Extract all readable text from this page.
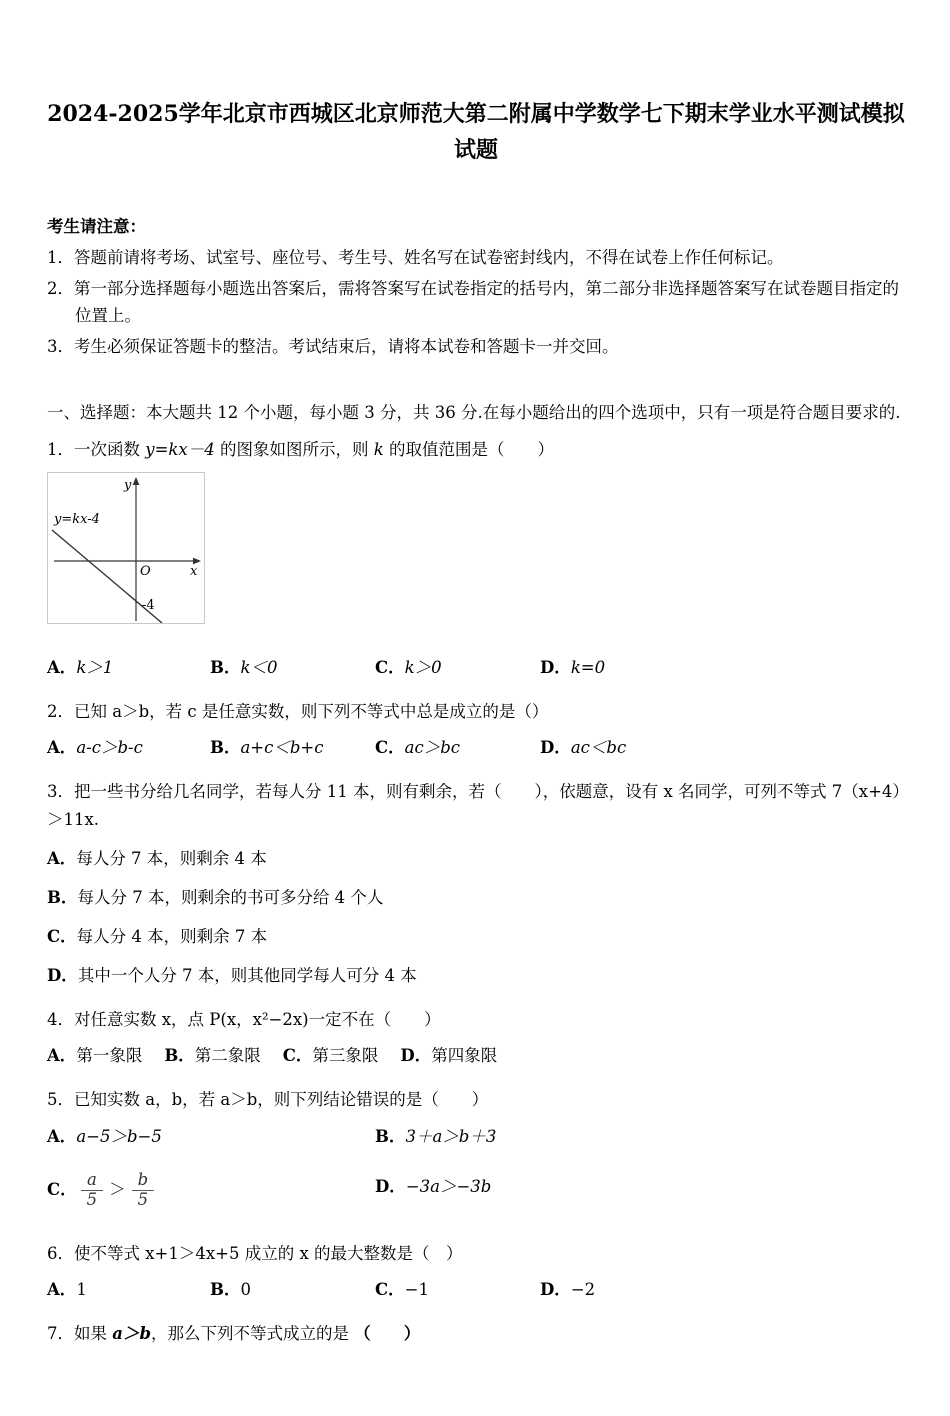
2024-2025学年北京市西城区北京师范大第二附属中学数学七下期末学业水平测试模拟试题

考生请注意：

1．答题前请将考场、试室号、座位号、考生号、姓名写在试卷密封线内，不得在试卷上作任何标记。

2．第一部分选择题每小题选出答案后，需将答案写在试卷指定的括号内，第二部分非选择题答案写在试卷题目指定的位置上。

3．考生必须保证答题卡的整洁。考试结束后，请将本试卷和答题卡一并交回。

一、选择题：本大题共 12 个小题，每小题 3 分，共 36 分.在每小题给出的四个选项中，只有一项是符合题目要求的.

1．一次函数 y=kx－4 的图象如图所示，则 k 的取值范围是（　　）

y
x
O
-4
y=kx-4
A．k＞1	B．k＜0	C．k＞0	D．k=0

2．已知 a＞b，若 c 是任意实数，则下列不等式中总是成立的是（）

A．a-c＞b-c	B．a+c＜b+c	C．ac＞bc	D．ac＜bc

3．把一些书分给几名同学，若每人分 11 本，则有剩余，若（　　），依题意，设有 x 名同学，可列不等式 7（x+4）＞11x.

A．每人分 7 本，则剩余 4 本

B．每人分 7 本，则剩余的书可多分给 4 个人

C．每人分 4 本，则剩余 7 本

D．其中一个人分 7 本，则其他同学每人可分 4 本

4．对任意实数 x，点 P(x，x²−2x)一定不在（　　）

A．第一象限 B．第二象限 C．第三象限 D．第四象限

5．已知实数 a，b，若 a＞b，则下列结论错误的是（　　）

A．a−5＞b−5	B．3＋a＞b＋3
C． $\frac{a}{5} > \frac{b}{5}$	D．−3a＞−3b

6．使不等式 x+1＞4x+5 成立的 x 的最大整数是（　）

A．1	B．0	C．−1	D．−2

7．如果 a＞b，那么下列不等式成立的是 （　　）
